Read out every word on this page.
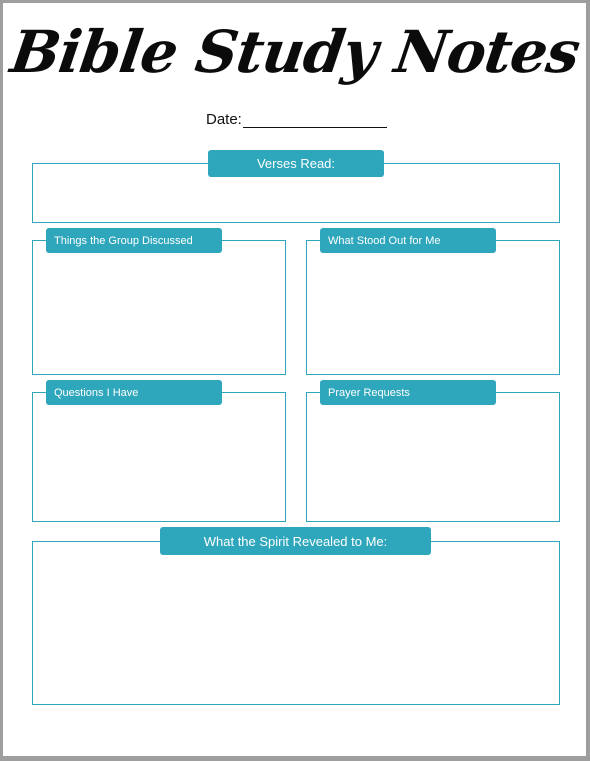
Bible Study Notes
Date:
Verses Read:
Things the Group Discussed	What Stood Out for Me
Questions I Have	Prayer Requests
What the Spirit Revealed to Me:
